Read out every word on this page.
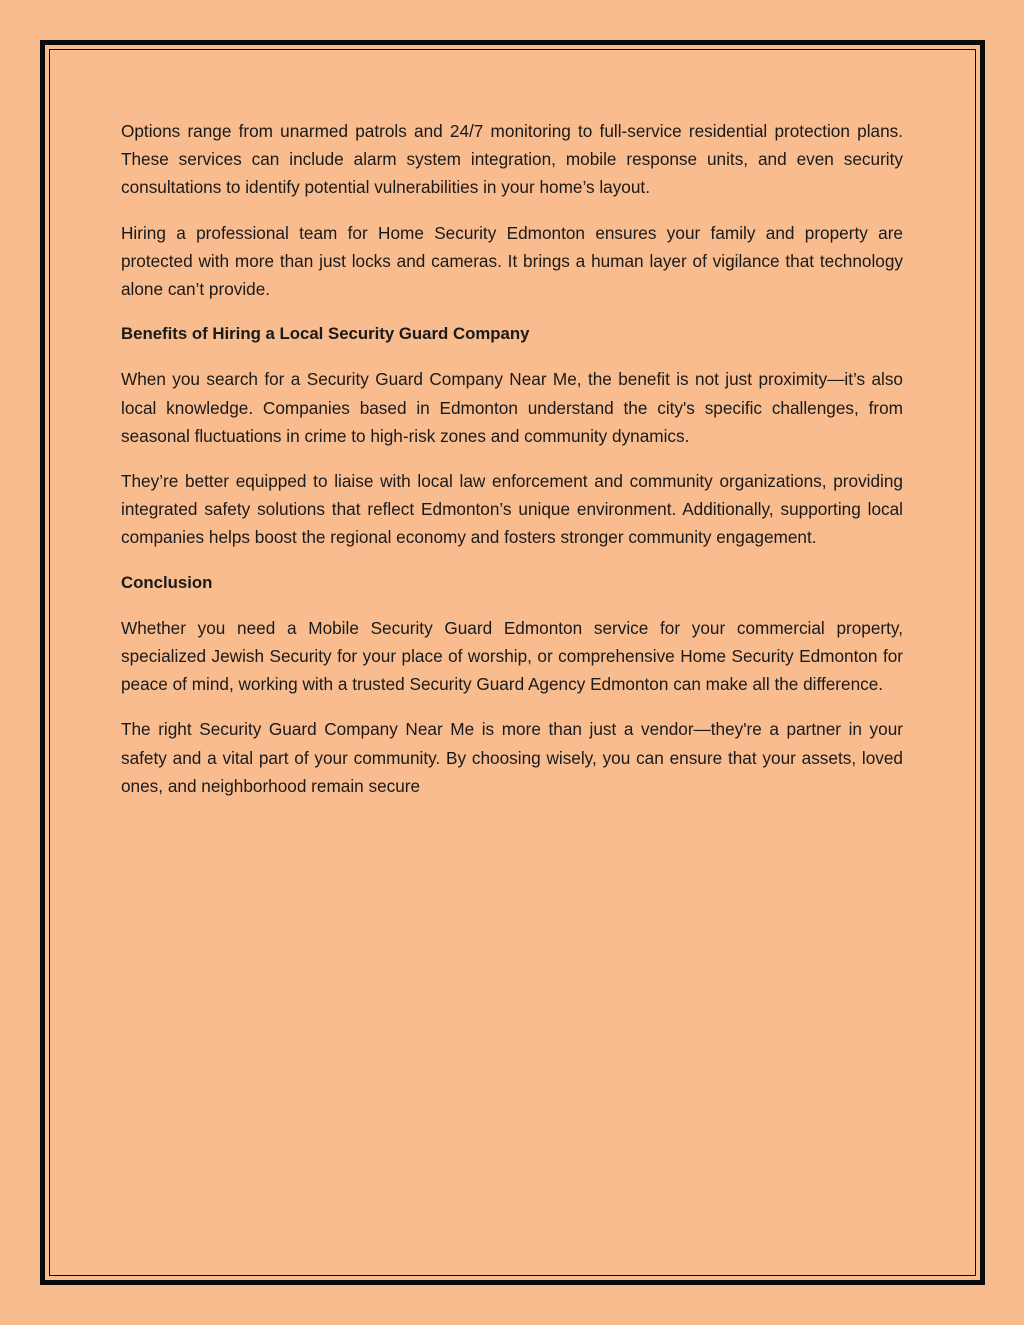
Options range from unarmed patrols and 24/7 monitoring to full-service residential protection plans. These services can include alarm system integration, mobile response units, and even security consultations to identify potential vulnerabilities in your home’s layout.

Hiring a professional team for Home Security Edmonton ensures your family and property are protected with more than just locks and cameras. It brings a human layer of vigilance that technology alone can’t provide.

Benefits of Hiring a Local Security Guard Company

When you search for a Security Guard Company Near Me, the benefit is not just proximity—it’s also local knowledge. Companies based in Edmonton understand the city's specific challenges, from seasonal fluctuations in crime to high-risk zones and community dynamics.

They’re better equipped to liaise with local law enforcement and community organizations, providing integrated safety solutions that reflect Edmonton’s unique environment. Additionally, supporting local companies helps boost the regional economy and fosters stronger community engagement.

Conclusion

Whether you need a Mobile Security Guard Edmonton service for your commercial property, specialized Jewish Security for your place of worship, or comprehensive Home Security Edmonton for peace of mind, working with a trusted Security Guard Agency Edmonton can make all the difference.

The right Security Guard Company Near Me is more than just a vendor—they're a partner in your safety and a vital part of your community. By choosing wisely, you can ensure that your assets, loved ones, and neighborhood remain secure
